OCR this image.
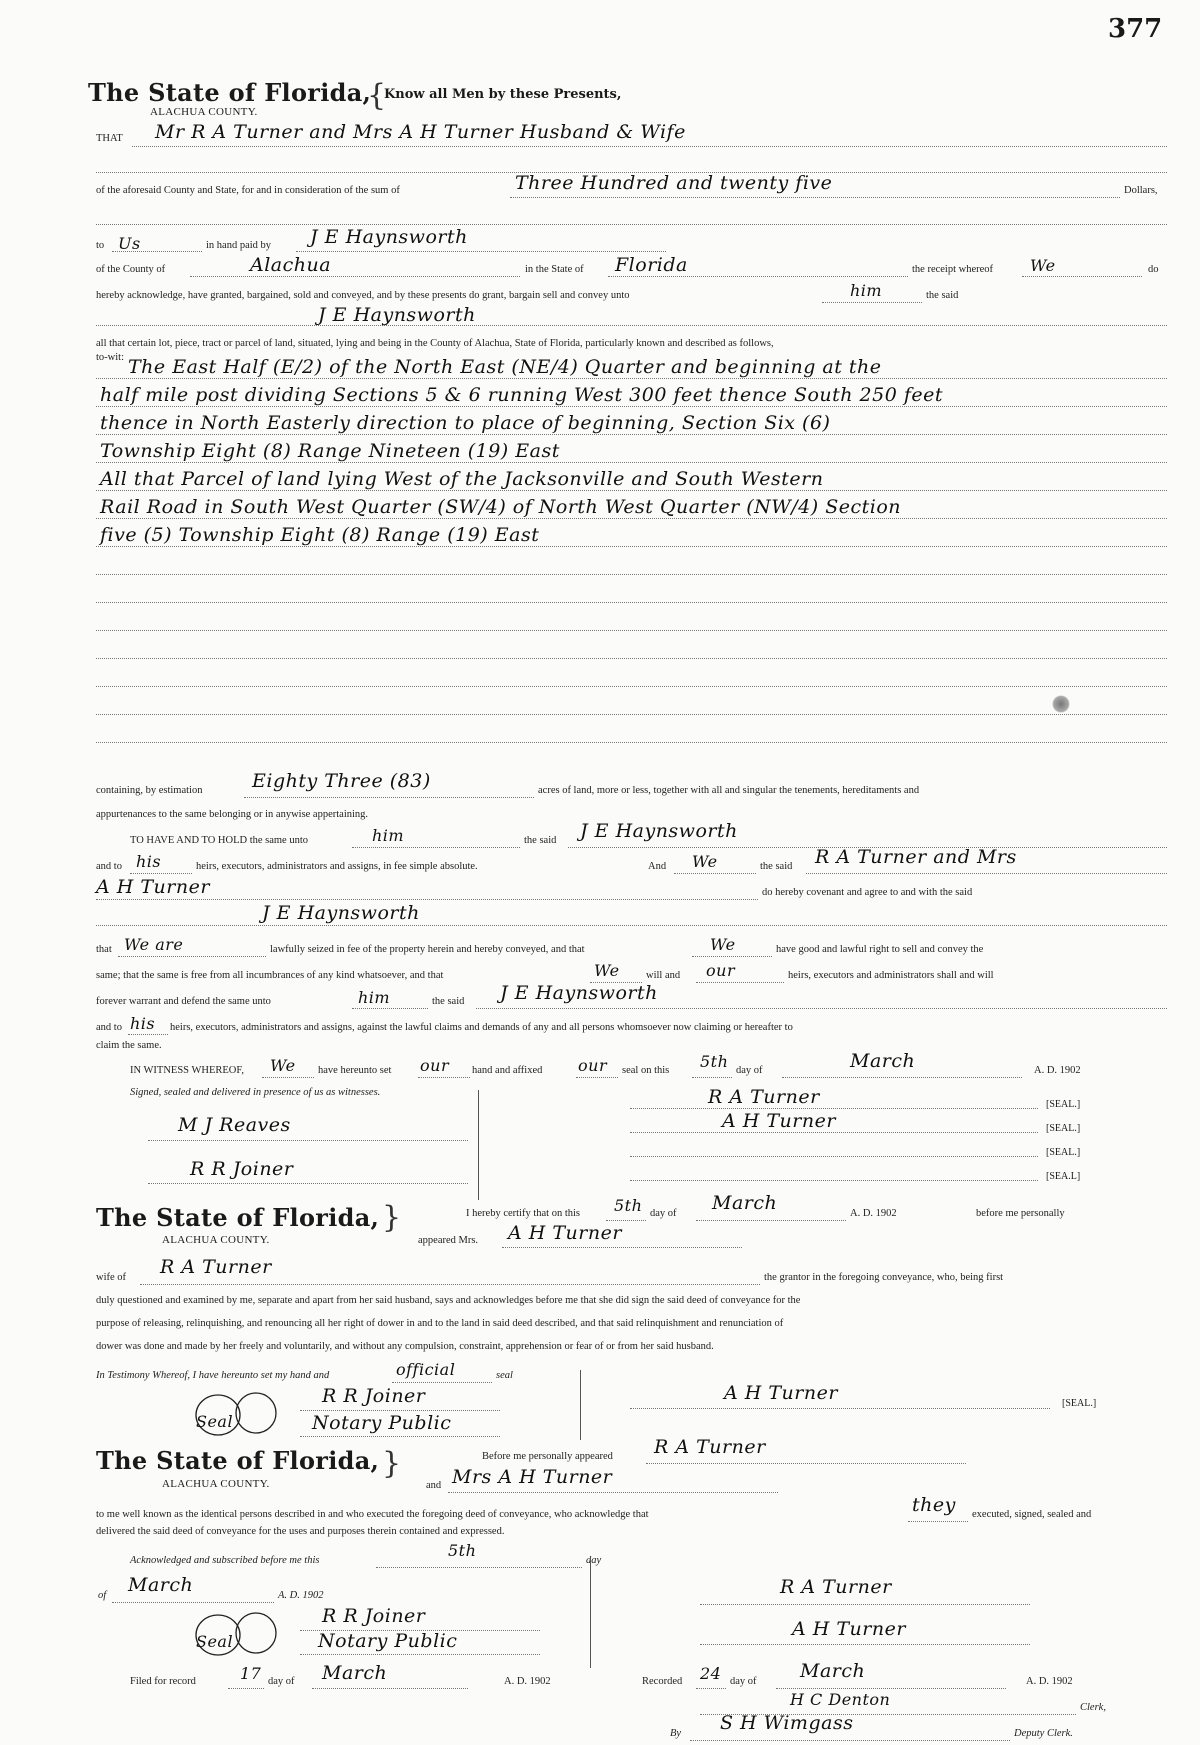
377
The State of Florida,
ALACHUA COUNTY.	{
Know all Men by these Presents,
THAT Mr R A Turner and Mrs A H Turner Husband & Wife
of the aforesaid County and State, for and in consideration of the sum of	Three Hundred and twenty five	Dollars,
to Us	in hand paid by J E Haynsworth
of the County of	Alachua	in the State of Florida	the receipt whereof We	do
hereby acknowledge, have granted, bargained, sold and conveyed, and by these presents do grant, bargain sell and convey unto	him	the said
J E Haynsworth
all that certain lot, piece, tract or parcel of land, situated, lying and being in the County of Alachua, State of Florida, particularly known and described as follows,
to-wit: The East Half (E/2) of the North East (NE/4) Quarter and beginning at the
half mile post dividing Sections 5 & 6 running West 300 feet thence South 250 feet
thence in North Easterly direction to place of beginning, Section Six (6)
Township Eight (8) Range Nineteen (19) East
All that Parcel of land lying West of the Jacksonville and South Western
Rail Road in South West Quarter (SW/4) of North West Quarter (NW/4) Section
five (5) Township Eight (8) Range (19) East
containing, by estimation	Eighty Three (83)	acres of land, more or less, together with all and singular the tenements, hereditaments and
appurtenances to the same belonging or in anywise appertaining.
TO HAVE AND TO HOLD the same unto	him	the said J E Haynsworth
and to his	heirs, executors, administrators and assigns, in fee simple absolute.	And We	the said R A Turner and Mrs
A H Turner	do hereby covenant and agree to and with the said
J E Haynsworth
that We are	lawfully seized in fee of the property herein and hereby conveyed, and that	We	have good and lawful right to sell and convey the
same; that the same is free from all incumbrances of any kind whatsoever, and that	We	will and our	heirs, executors and administrators shall and will
forever warrant and defend the same unto	him	the said J E Haynsworth
and to his heirs, executors, administrators and assigns, against the lawful claims and demands of any and all persons whomsoever now claiming or hereafter to
claim the same.
IN WITNESS WHEREOF, We have hereunto set our hand and affixed our seal on this 5th day of	March	A. D. 1902
Signed, sealed and delivered in presence of us as witnesses.
M J Reaves
R R Joiner
R A Turner
A H Turner
[SEAL.]
[SEAL.]
[SEAL.]
[SEA.L]
The State of Florida,
ALACHUA COUNTY.
}	I hereby certify that on this 5th day of March	A. D. 1902	before me personally
appeared Mrs. A H Turner
wife of R A Turner	the grantor in the foregoing conveyance, who, being first
duly questioned and examined by me, separate and apart from her said husband, says and acknowledges before me that she did sign the said deed of conveyance for the
purpose of releasing, relinquishing, and renouncing all her right of dower in and to the land in said deed described, and that said relinquishment and renunciation of
dower was done and made by her freely and voluntarily, and without any compulsion, constraint, apprehension or fear of or from her said husband.
In Testimony Whereof, I have hereunto set my hand and	official	seal
Seal
R R Joiner
Notary Public
A H Turner	[SEAL.]
The State of Florida,
ALACHUA COUNTY.
}	Before me personally appeared R A Turner
and Mrs A H Turner
to me well known as the identical persons described in and who executed the foregoing deed of conveyance, who acknowledge that	they executed, signed, sealed and
delivered the said deed of conveyance for the uses and purposes therein contained and expressed.
Acknowledged and subscribed before me this
5th
day
of March	A. D. 1902
Seal
R R Joiner
Notary Public
R A Turner
A H Turner
Filed for record	17 day of March	A. D. 1902	Recorded 24 day of March	A. D. 1902
H C Denton	Clerk,
By S H Wimgass	Deputy Clerk.
